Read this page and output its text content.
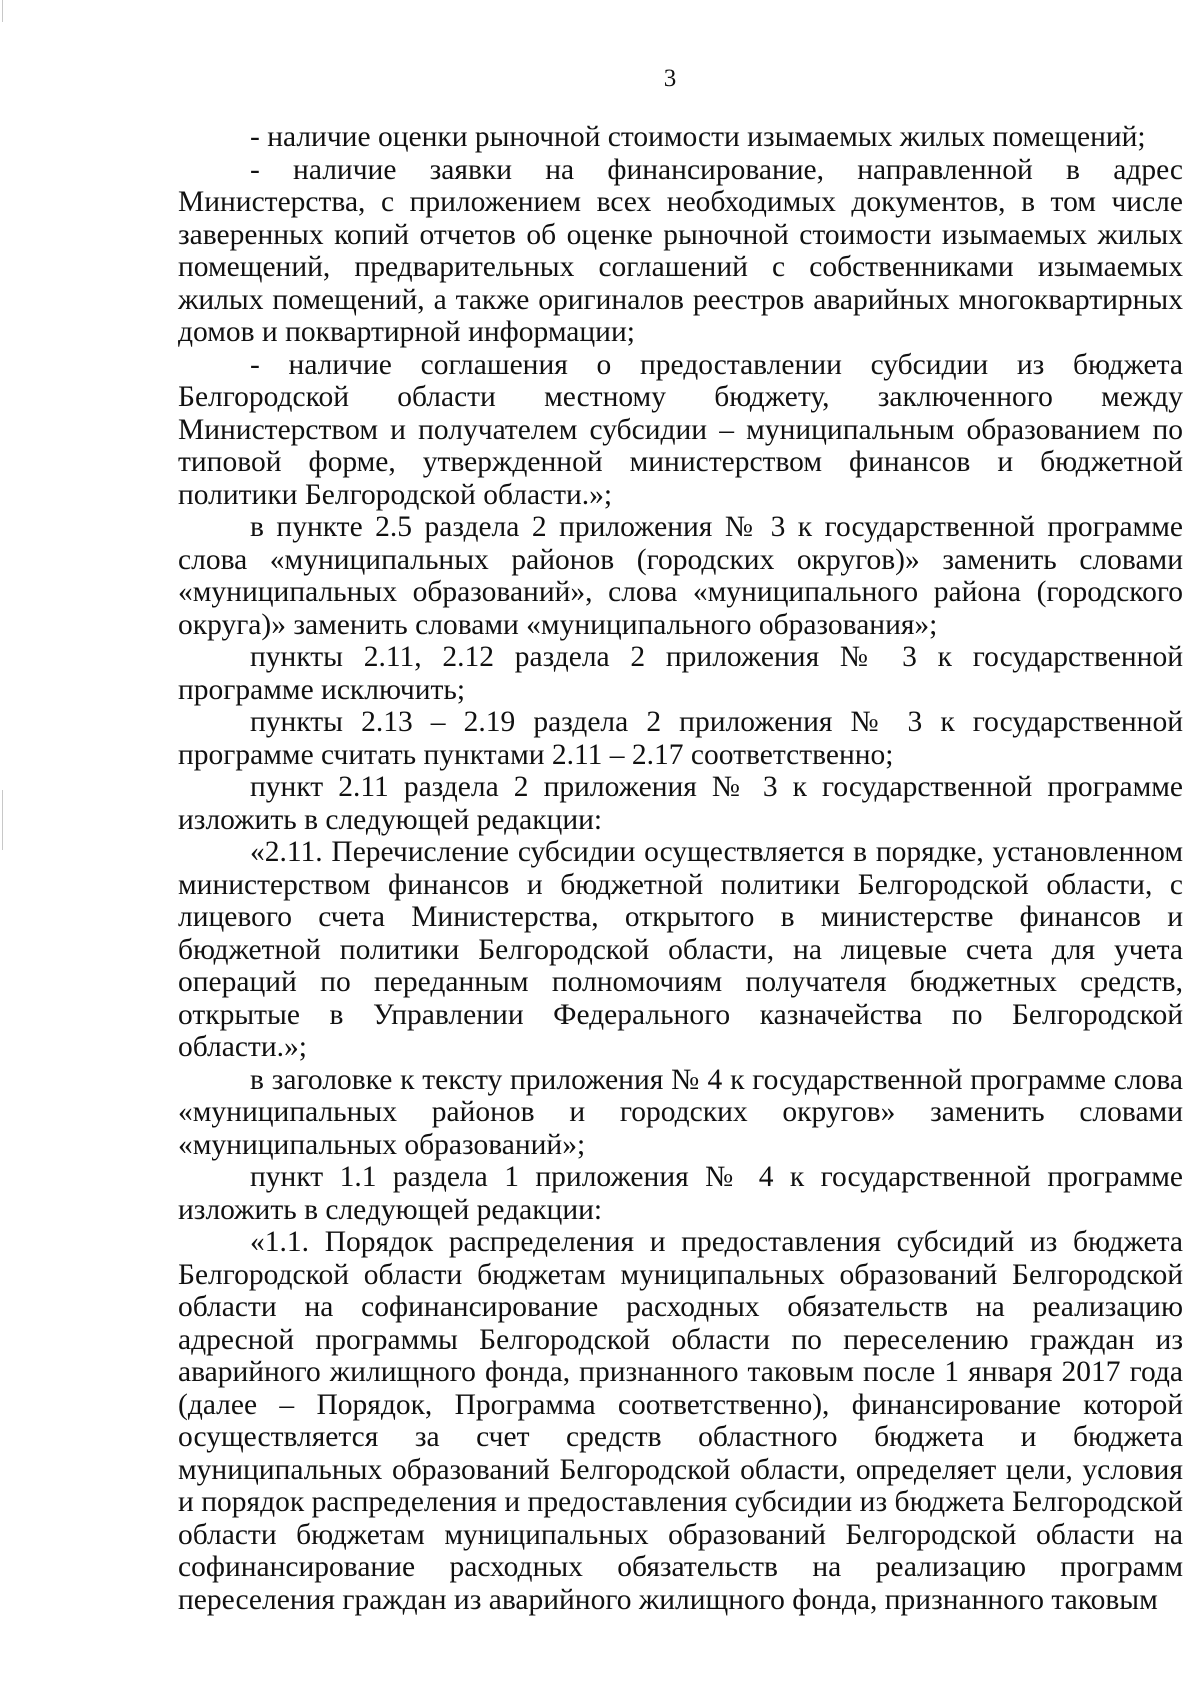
3

- наличие оценки рыночной стоимости изымаемых жилых помещений;

- наличие заявки на финансирование, направленной в адрес Министерства, с приложением всех необходимых документов, в том числе заверенных копий отчетов об оценке рыночной стоимости изымаемых жилых помещений, предварительных соглашений с собственниками изымаемых жилых помещений, а также оригиналов реестров аварийных многоквартирных домов и поквартирной информации;

- наличие соглашения о предоставлении субсидии из бюджета Белгородской области местному бюджету, заключенного между Министерством и получателем субсидии – муниципальным образованием по типовой форме, утвержденной министерством финансов и бюджетной политики Белгородской области.»;

в пункте 2.5 раздела 2 приложения № 3 к государственной программе слова «муниципальных районов (городских округов)» заменить словами «муниципальных образований», слова «муниципального района (городского округа)» заменить словами «муниципального образования»;

пункты 2.11, 2.12 раздела 2 приложения № 3 к государственной программе исключить;

пункты 2.13 – 2.19 раздела 2 приложения № 3 к государственной программе считать пунктами 2.11 – 2.17 соответственно;

пункт 2.11 раздела 2 приложения № 3 к государственной программе изложить в следующей редакции:

«2.11. Перечисление субсидии осуществляется в порядке, установленном министерством финансов и бюджетной политики Белгородской области, с лицевого счета Министерства, открытого в министерстве финансов и бюджетной политики Белгородской области, на лицевые счета для учета операций по переданным полномочиям получателя бюджетных средств, открытые в Управлении Федерального казначейства по Белгородской области.»;

в заголовке к тексту приложения № 4 к государственной программе слова «муниципальных районов и городских округов» заменить словами «муниципальных образований»;

пункт 1.1 раздела 1 приложения № 4 к государственной программе изложить в следующей редакции:

«1.1. Порядок распределения и предоставления субсидий из бюджета Белгородской области бюджетам муниципальных образований Белгородской области на софинансирование расходных обязательств на реализацию адресной программы Белгородской области по переселению граждан из аварийного жилищного фонда, признанного таковым после 1 января 2017 года (далее – Порядок, Программа соответственно), финансирование которой осуществляется за счет средств областного бюджета и бюджета муниципальных образований Белгородской области, определяет цели, условия и порядок распределения и предоставления субсидии из бюджета Белгородской области бюджетам муниципальных образований Белгородской области на софинансирование расходных обязательств на реализацию программ переселения граждан из аварийного жилищного фонда, признанного таковым
